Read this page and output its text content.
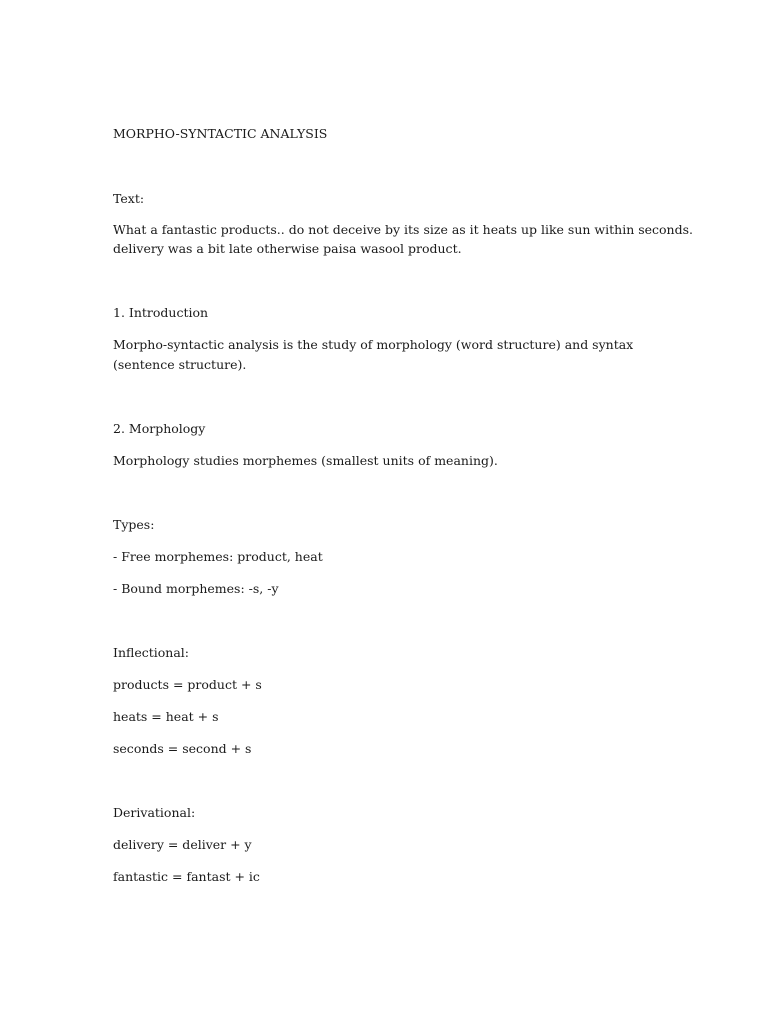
MORPHO-SYNTACTIC ANALYSIS
Text:
What a fantastic products.. do not deceive by its size as it heats up like sun within seconds.
delivery was a bit late otherwise paisa wasool product.
1. Introduction
Morpho-syntactic analysis is the study of morphology (word structure) and syntax
(sentence structure).
2. Morphology
Morphology studies morphemes (smallest units of meaning).
Types:
- Free morphemes: product, heat
- Bound morphemes: -s, -y
Inflectional:
products = product + s
heats = heat + s
seconds = second + s
Derivational:
delivery = deliver + y
fantastic = fantast + ic
